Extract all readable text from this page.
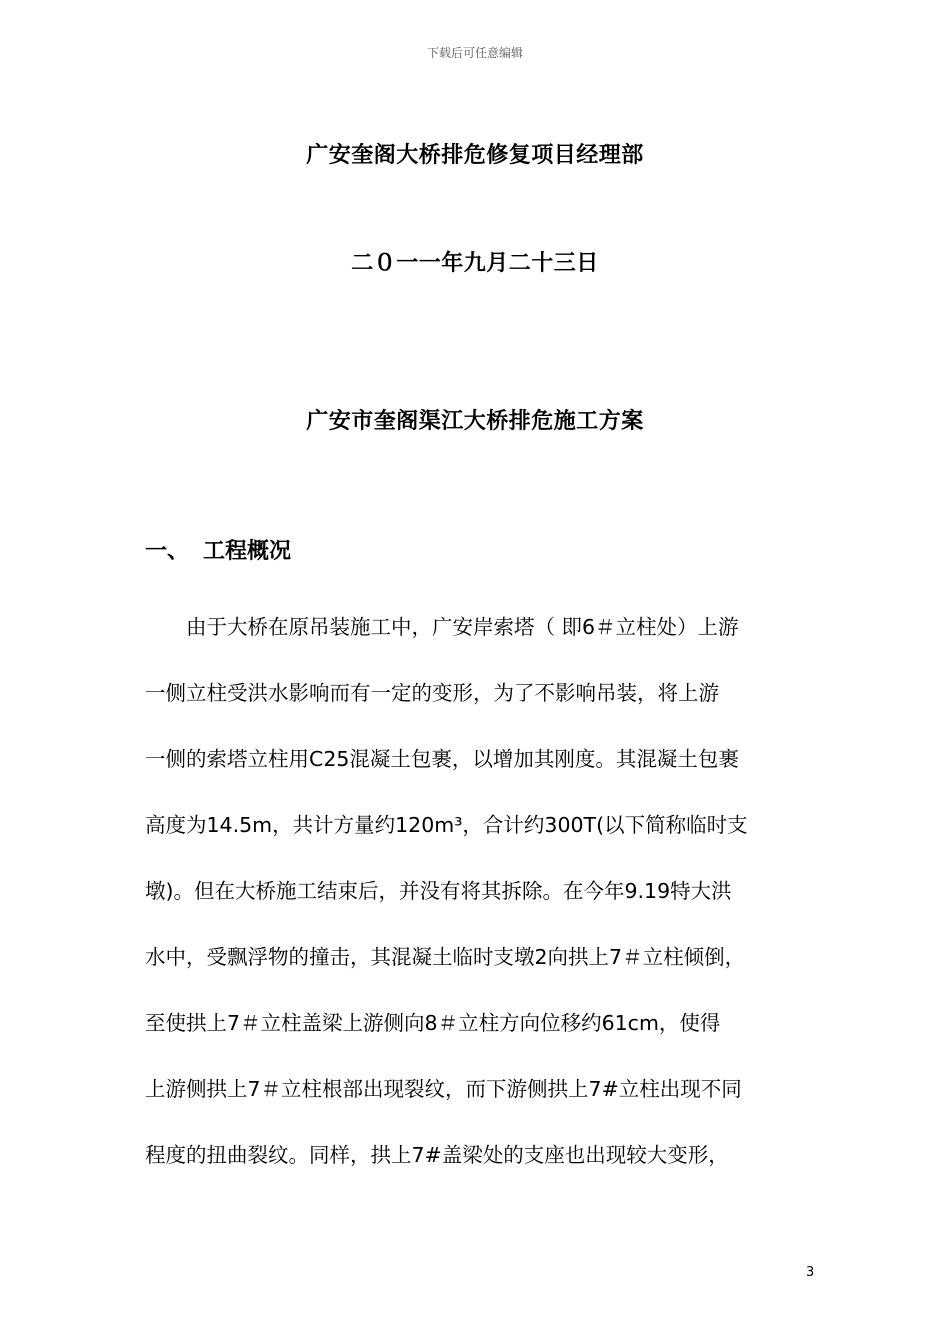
下载后可任意编辑
广安奎阁大桥排危修复项目经理部
二０一一年九月二十三日
广安市奎阁渠江大桥排危施工方案
一、 工程概况
　　由于大桥在原吊装施工中，广安岸索塔（ 即6＃立柱处）上游
一侧立柱受洪水影响而有一定的变形，为了不影响吊装，将上游
一侧的索塔立柱用C25混凝土包裹，以增加其刚度。其混凝土包裹
高度为14.5m，共计方量约120m³，合计约300T(以下简称临时支
墩)。但在大桥施工结束后，并没有将其拆除。在今年9.19特大洪
水中，受飘浮物的撞击，其混凝土临时支墩2向拱上7＃立柱倾倒，
至使拱上7＃立柱盖梁上游侧向8＃立柱方向位移约61cm，使得
上游侧拱上7＃立柱根部出现裂纹，而下游侧拱上7#立柱出现不同
程度的扭曲裂纹。同样，拱上7#盖梁处的支座也出现较大变形，
3
